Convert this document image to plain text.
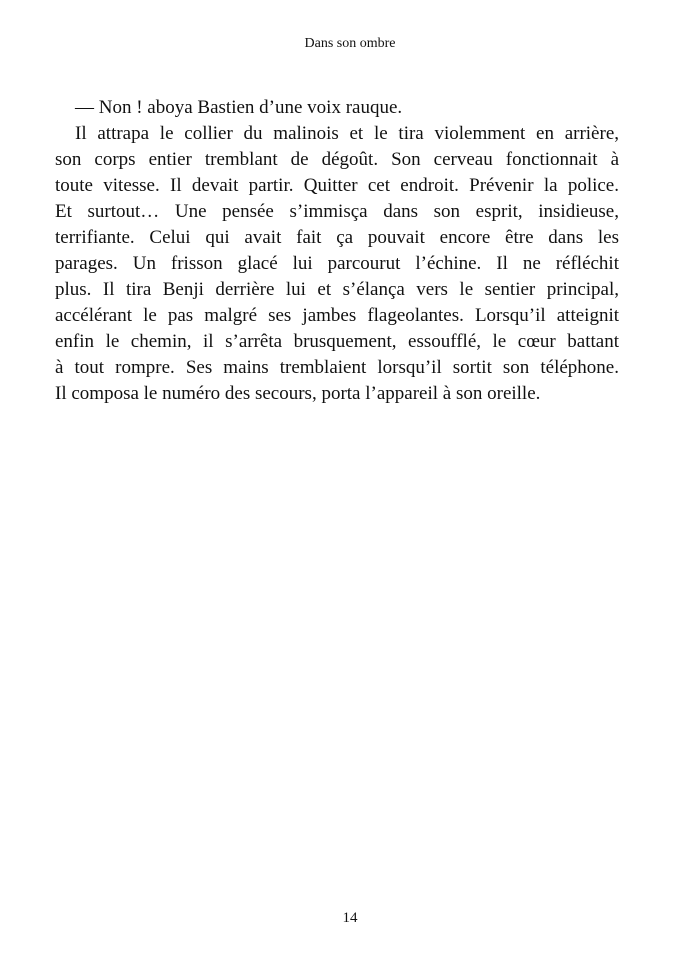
Dans son ombre
— Non ! aboya Bastien d’une voix rauque.
Il attrapa le collier du malinois et le tira violemment en arrière,
son corps entier tremblant de dégoût. Son cerveau fonctionnait à
toute vitesse. Il devait partir. Quitter cet endroit. Prévenir la police.
Et surtout… Une pensée s’immisça dans son esprit, insidieuse,
terrifiante. Celui qui avait fait ça pouvait encore être dans les
parages. Un frisson glacé lui parcourut l’échine. Il ne réfléchit
plus. Il tira Benji derrière lui et s’élança vers le sentier principal,
accélérant le pas malgré ses jambes flageolantes. Lorsqu’il atteignit
enfin le chemin, il s’arrêta brusquement, essoufflé, le cœur battant
à tout rompre. Ses mains tremblaient lorsqu’il sortit son téléphone.
Il composa le numéro des secours, porta l’appareil à son oreille.
14
